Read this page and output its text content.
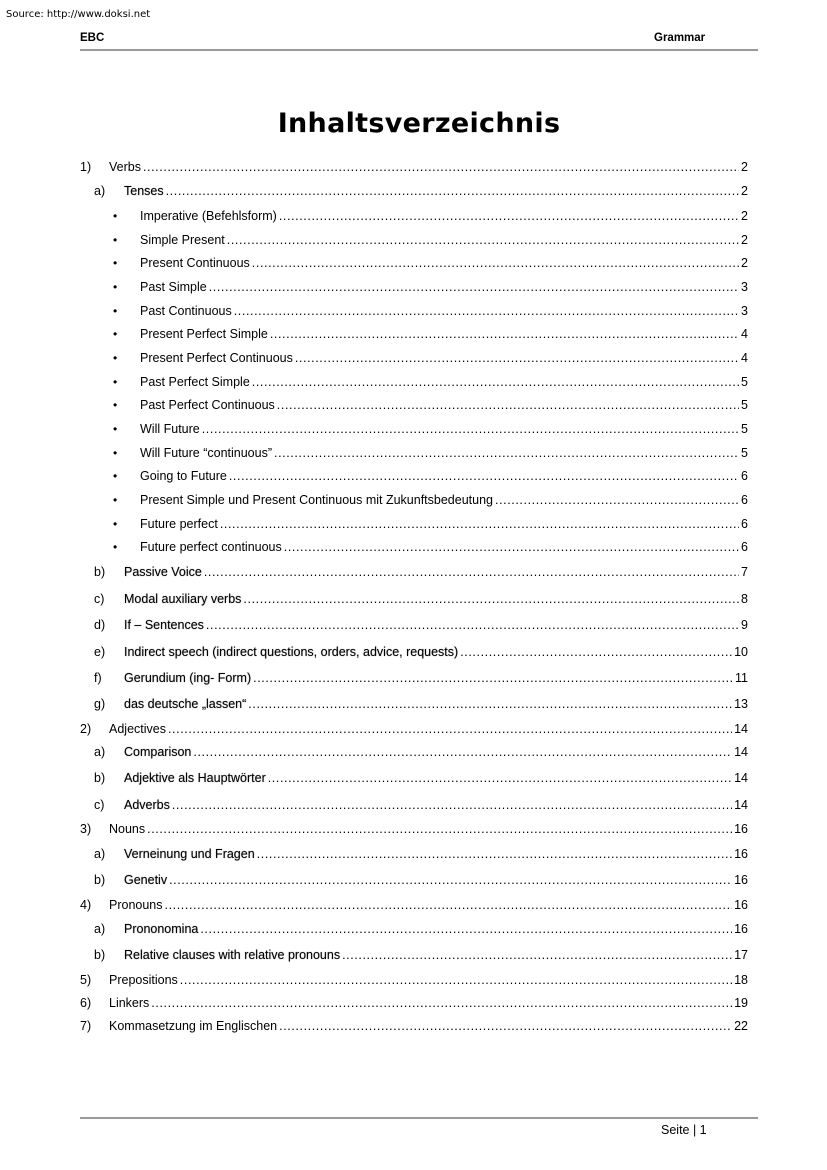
Source: http://www.doksi.net
EBC	Grammar
Inhaltsverzeichnis
1) Verbs .....	2
a) Tenses .....	2
• Imperative (Befehlsform) .....	2
• Simple Present .....	2
• Present Continuous .....	2
• Past Simple .....	3
• Past Continuous .....	3
• Present Perfect Simple .....	4
• Present Perfect Continuous .....	4
• Past Perfect Simple .....	5
• Past Perfect Continuous .....	5
• Will Future .....	5
• Will Future “continuous” .....	5
• Going to Future .....	6
• Present Simple und Present Continuous mit Zukunftsbedeutung .....	6
• Future perfect .....	6
• Future perfect continuous .....	6
b) Passive Voice .....	7
c) Modal auxiliary verbs .....	8
d) If – Sentences .....	9
e) Indirect speech (indirect questions, orders, advice, requests) .....	10
f) Gerundium (ing- Form) .....	11
g) das deutsche „lassen“ .....	13
2) Adjectives .....	14
a) Comparison .....	14
b) Adjektive als Hauptwörter .....	14
c) Adverbs .....	14
3) Nouns .....	16
a) Verneinung und Fragen .....	16
b) Genetiv .....	16
4) Pronouns .....	16
a) Prononomina .....	16
b) Relative clauses with relative pronouns .....	17
5) Prepositions .....	18
6) Linkers .....	19
7) Kommasetzung im Englischen .....	22
Seite | 1
